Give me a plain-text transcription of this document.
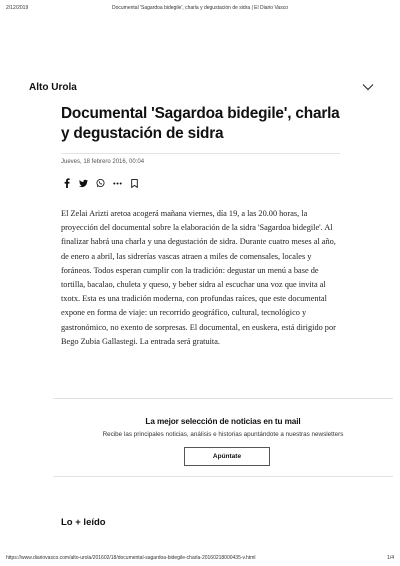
2/12/2019	Documental 'Sagardoa bidegile', charla y degustación de sidra | El Diario Vasco
Alto Urola
Documental 'Sagardoa bidegile', charla y degustación de sidra
Jueves, 18 febrero 2016, 00:04

El Zelai Arizti aretoa acogerá mañana viernes, día 19, a las 20.00 horas, la proyección del documental sobre la elaboración de la sidra 'Sagardoa bidegile'. Al finalizar habrá una charla y una degustación de sidra. Durante cuatro meses al año, de enero a abril, las sidrerías vascas atraen a miles de comensales, locales y foráneos. Todos esperan cumplir con la tradición: degustar un menú a base de tortilla, bacalao, chuleta y queso, y beber sidra al escuchar una voz que invita al txotx. Esta es una tradición moderna, con profundas raíces, que este documental expone en forma de viaje: un recorrido geográfico, cultural, tecnológico y gastronómico, no exento de sorpresas. El documental, en euskera, está dirigido por Bego Zubia Gallastegi. La entrada será gratuita.

La mejor selección de noticias en tu mail
Recibe las principales noticias, análisis e historias apuntándote a nuestras newsletters
Apúntate
Lo + leído
https://www.diariovasco.com/alto-urola/201602/18/documental-sagardoa-bidegile-charla-20160218000435-v.html	1/4
